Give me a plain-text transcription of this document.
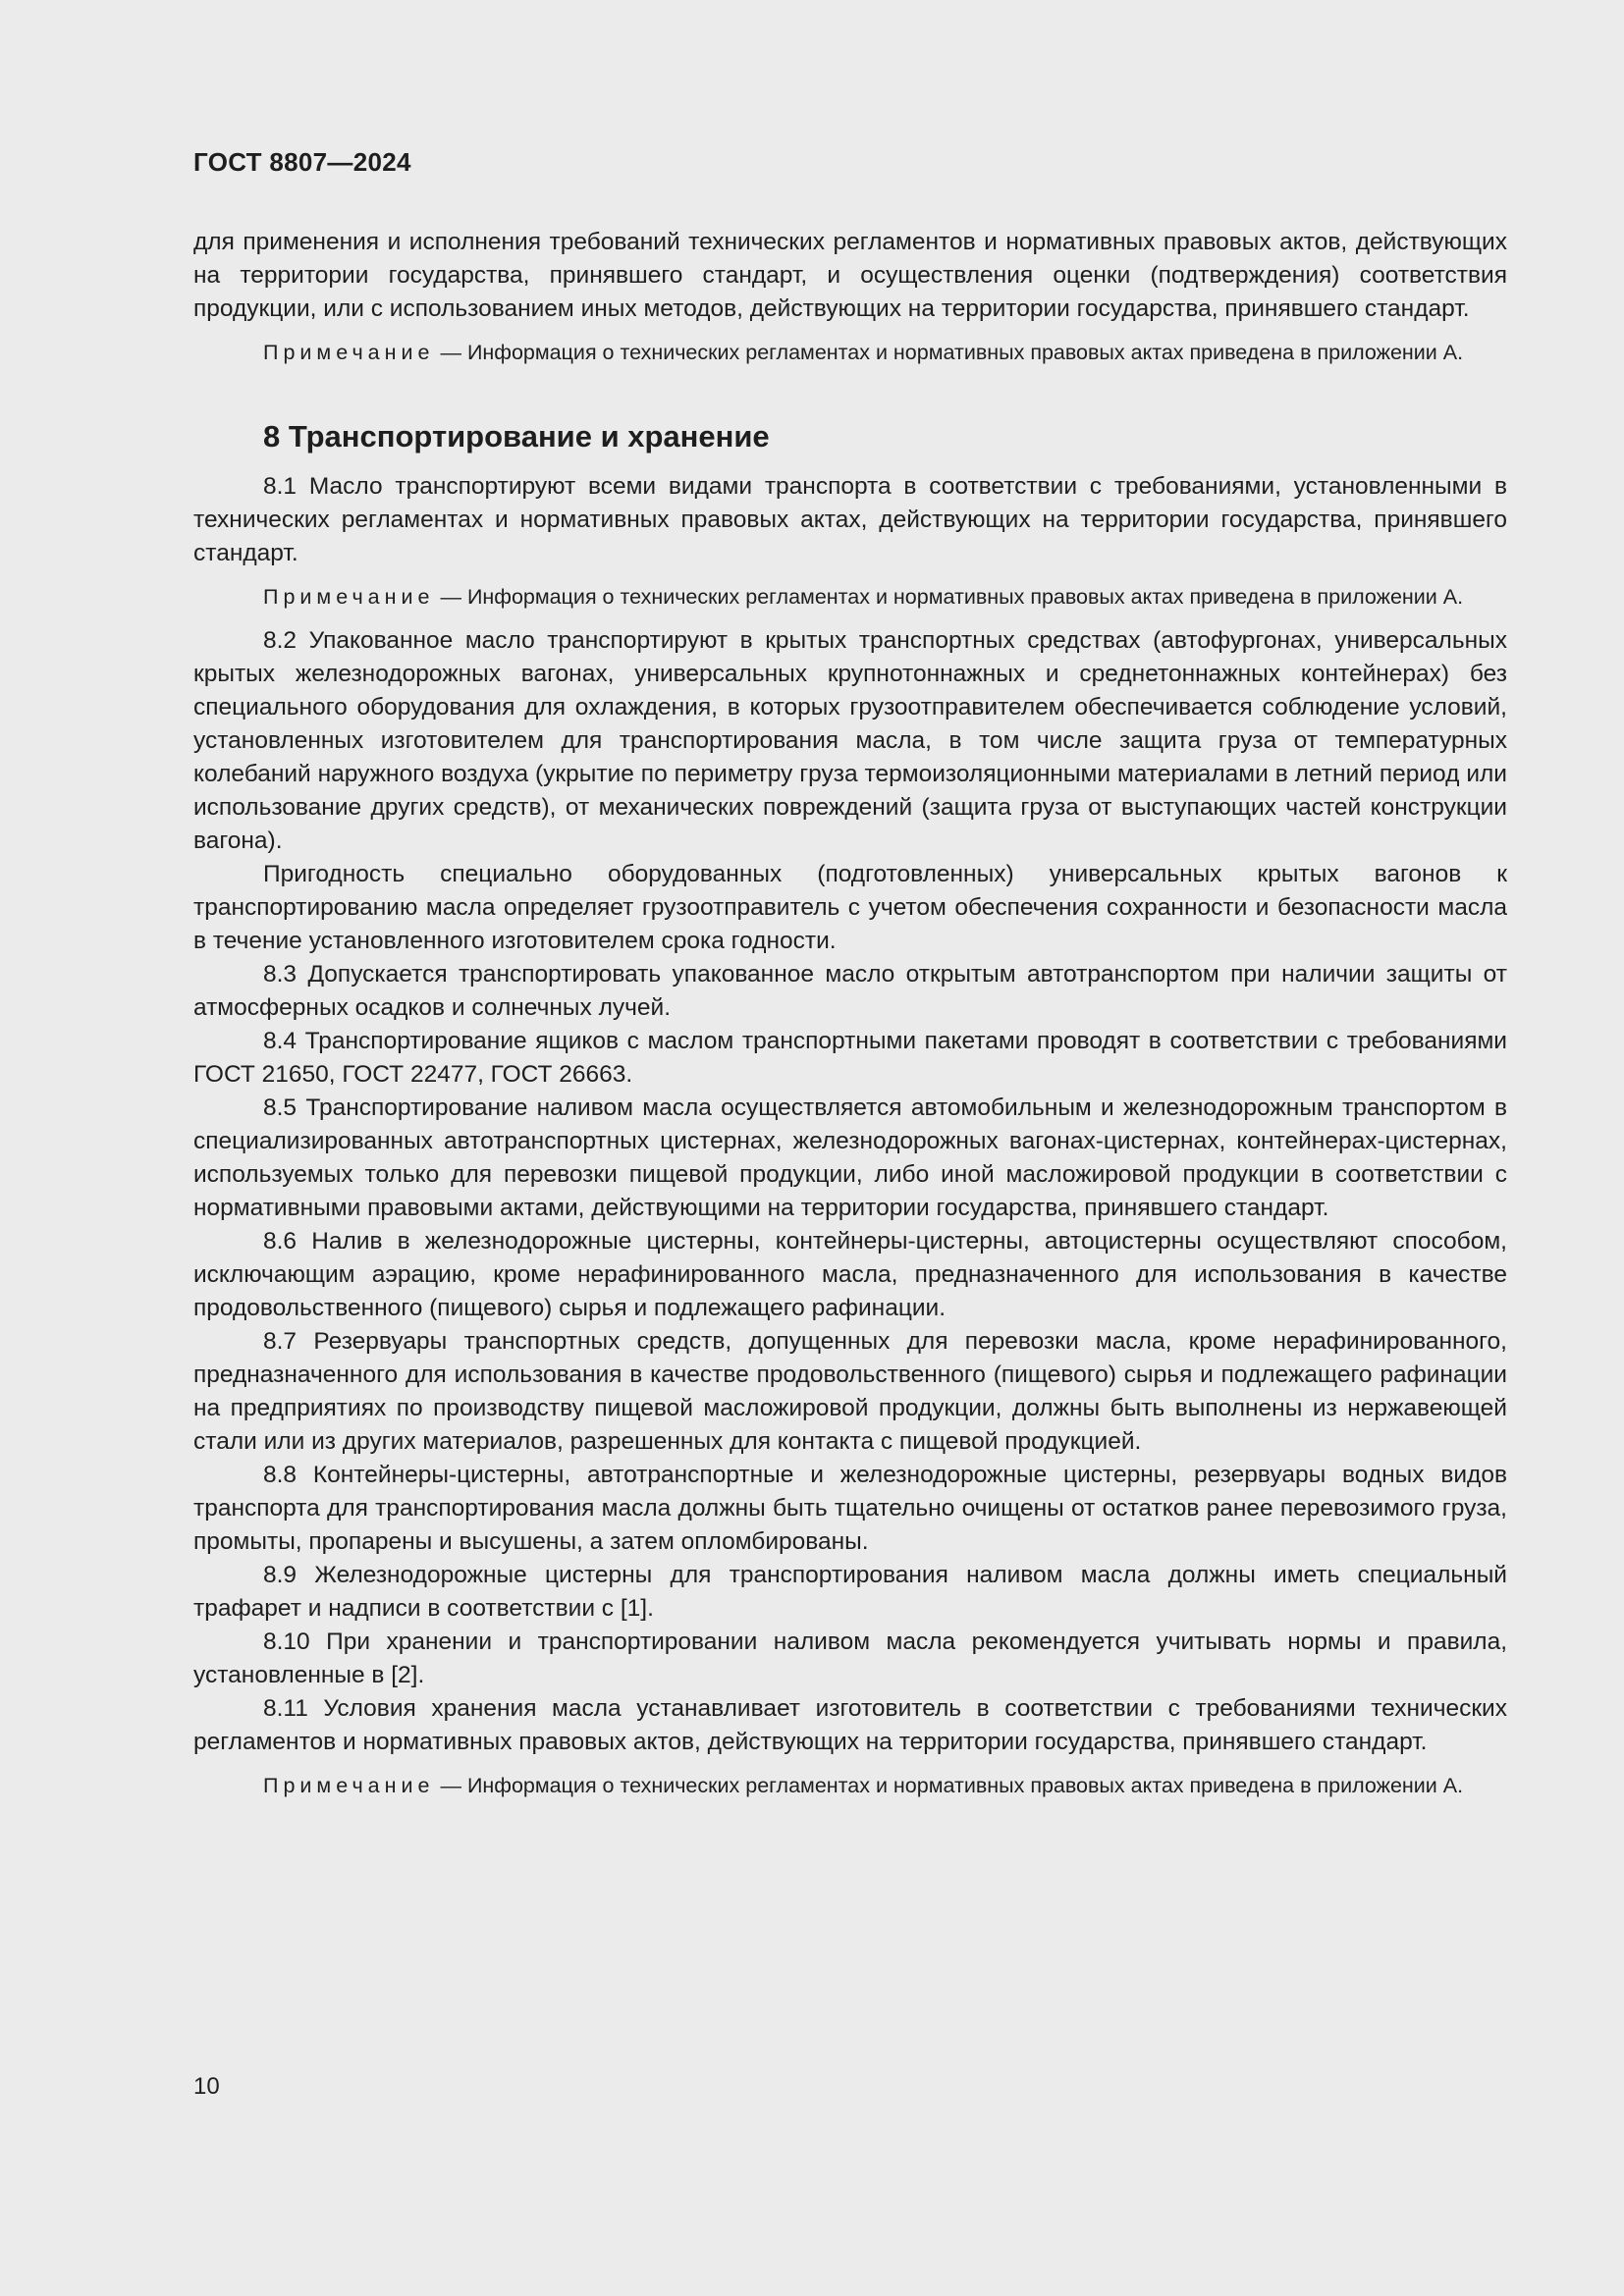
ГОСТ 8807—2024

для применения и исполнения требований технических регламентов и нормативных правовых актов, действующих на территории государства, принявшего стандарт, и осуществления оценки (подтверждения) соответствия продукции, или с использованием иных методов, действующих на территории государства, принявшего стандарт.

Примечание — Информация о технических регламентах и нормативных правовых актах приведена в приложении А.
8 Транспортирование и хранение

8.1 Масло транспортируют всеми видами транспорта в соответствии с требованиями, установленными в технических регламентах и нормативных правовых актах, действующих на территории государства, принявшего стандарт.

Примечание — Информация о технических регламентах и нормативных правовых актах приведена в приложении А.

8.2 Упакованное масло транспортируют в крытых транспортных средствах (автофургонах, универсальных крытых железнодорожных вагонах, универсальных крупнотоннажных и среднетоннажных контейнерах) без специального оборудования для охлаждения, в которых грузоотправителем обеспечивается соблюдение условий, установленных изготовителем для транспортирования масла, в том числе защита груза от температурных колебаний наружного воздуха (укрытие по периметру груза термоизоляционными материалами в летний период или использование других средств), от механических повреждений (защита груза от выступающих частей конструкции вагона).

Пригодность специально оборудованных (подготовленных) универсальных крытых вагонов к транспортированию масла определяет грузоотправитель с учетом обеспечения сохранности и безопасности масла в течение установленного изготовителем срока годности.

8.3 Допускается транспортировать упакованное масло открытым автотранспортом при наличии защиты от атмосферных осадков и солнечных лучей.

8.4 Транспортирование ящиков с маслом транспортными пакетами проводят в соответствии с требованиями ГОСТ 21650, ГОСТ 22477, ГОСТ 26663.

8.5 Транспортирование наливом масла осуществляется автомобильным и железнодорожным транспортом в специализированных автотранспортных цистернах, железнодорожных вагонах-цистернах, контейнерах-цистернах, используемых только для перевозки пищевой продукции, либо иной масложировой продукции в соответствии с нормативными правовыми актами, действующими на территории государства, принявшего стандарт.

8.6 Налив в железнодорожные цистерны, контейнеры-цистерны, автоцистерны осуществляют способом, исключающим аэрацию, кроме нерафинированного масла, предназначенного для использования в качестве продовольственного (пищевого) сырья и подлежащего рафинации.

8.7 Резервуары транспортных средств, допущенных для перевозки масла, кроме нерафинированного, предназначенного для использования в качестве продовольственного (пищевого) сырья и подлежащего рафинации на предприятиях по производству пищевой масложировой продукции, должны быть выполнены из нержавеющей стали или из других материалов, разрешенных для контакта с пищевой продукцией.

8.8 Контейнеры-цистерны, автотранспортные и железнодорожные цистерны, резервуары водных видов транспорта для транспортирования масла должны быть тщательно очищены от остатков ранее перевозимого груза, промыты, пропарены и высушены, а затем опломбированы.

8.9 Железнодорожные цистерны для транспортирования наливом масла должны иметь специальный трафарет и надписи в соответствии с [1].

8.10 При хранении и транспортировании наливом масла рекомендуется учитывать нормы и правила, установленные в [2].

8.11 Условия хранения масла устанавливает изготовитель в соответствии с требованиями технических регламентов и нормативных правовых актов, действующих на территории государства, принявшего стандарт.

Примечание — Информация о технических регламентах и нормативных правовых актах приведена в приложении А.
10
